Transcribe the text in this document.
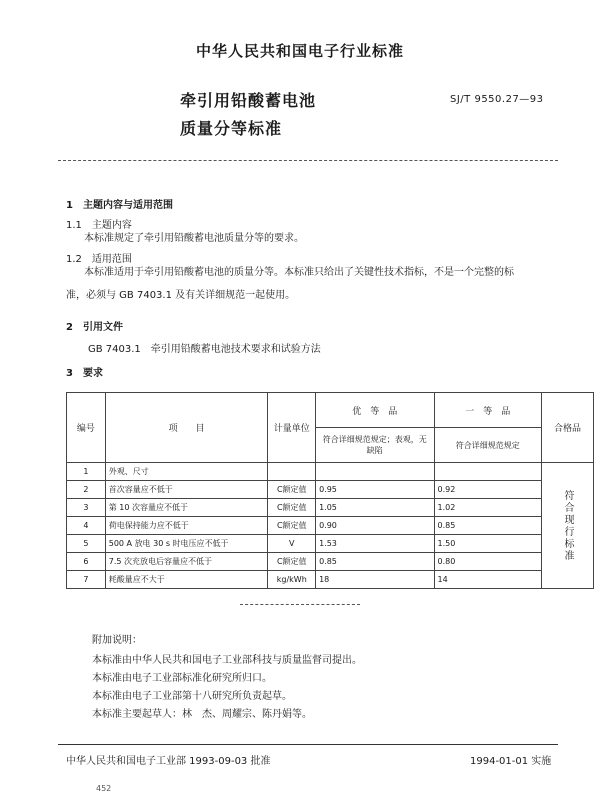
中华人民共和国电子行业标准
牵引用铅酸蓄电池
质量分等标准
SJ/T 9550.27—93
1　主题内容与适用范围
1.1　主题内容
本标准规定了牵引用铅酸蓄电池质量分等的要求。
1.2　适用范围
本标准适用于牵引用铅酸蓄电池的质量分等。本标准只给出了关键性技术指标，不是一个完整的标
准，必须与 GB 7403.1 及有关详细规范一起使用。
2　引用文件
GB 7403.1　牵引用铅酸蓄电池技术要求和试验方法
3　要求
编号	项　　目	计量单位	优　等　品	一　等　品	合格品
			符合详细规范规定；表观，无缺陷	符合详细规范规定	
1	外观、尺寸				符合现行标准
2	首次容量应不低于	C额定值	0.95	0.92	
3	第 10 次容量应不低于	C额定值	1.05	1.02	
4	荷电保持能力应不低于	C额定值	0.90	0.85	
5	500 A 放电 30 s 时电压应不低于	V	1.53	1.50	
6	7.5 次充放电后容量应不低于	C额定值	0.85	0.80	
7	耗酸量应不大于	kg/kWh	18	14	
附加说明：
本标准由中华人民共和国电子工业部科技与质量监督司提出。
本标准由电子工业部标准化研究所归口。
本标准由电子工业部第十八研究所负责起草。
本标准主要起草人：林　杰、周耀宗、陈丹娟等。
中华人民共和国电子工业部 1993-09-03 批准	1994-01-01 实施
452
